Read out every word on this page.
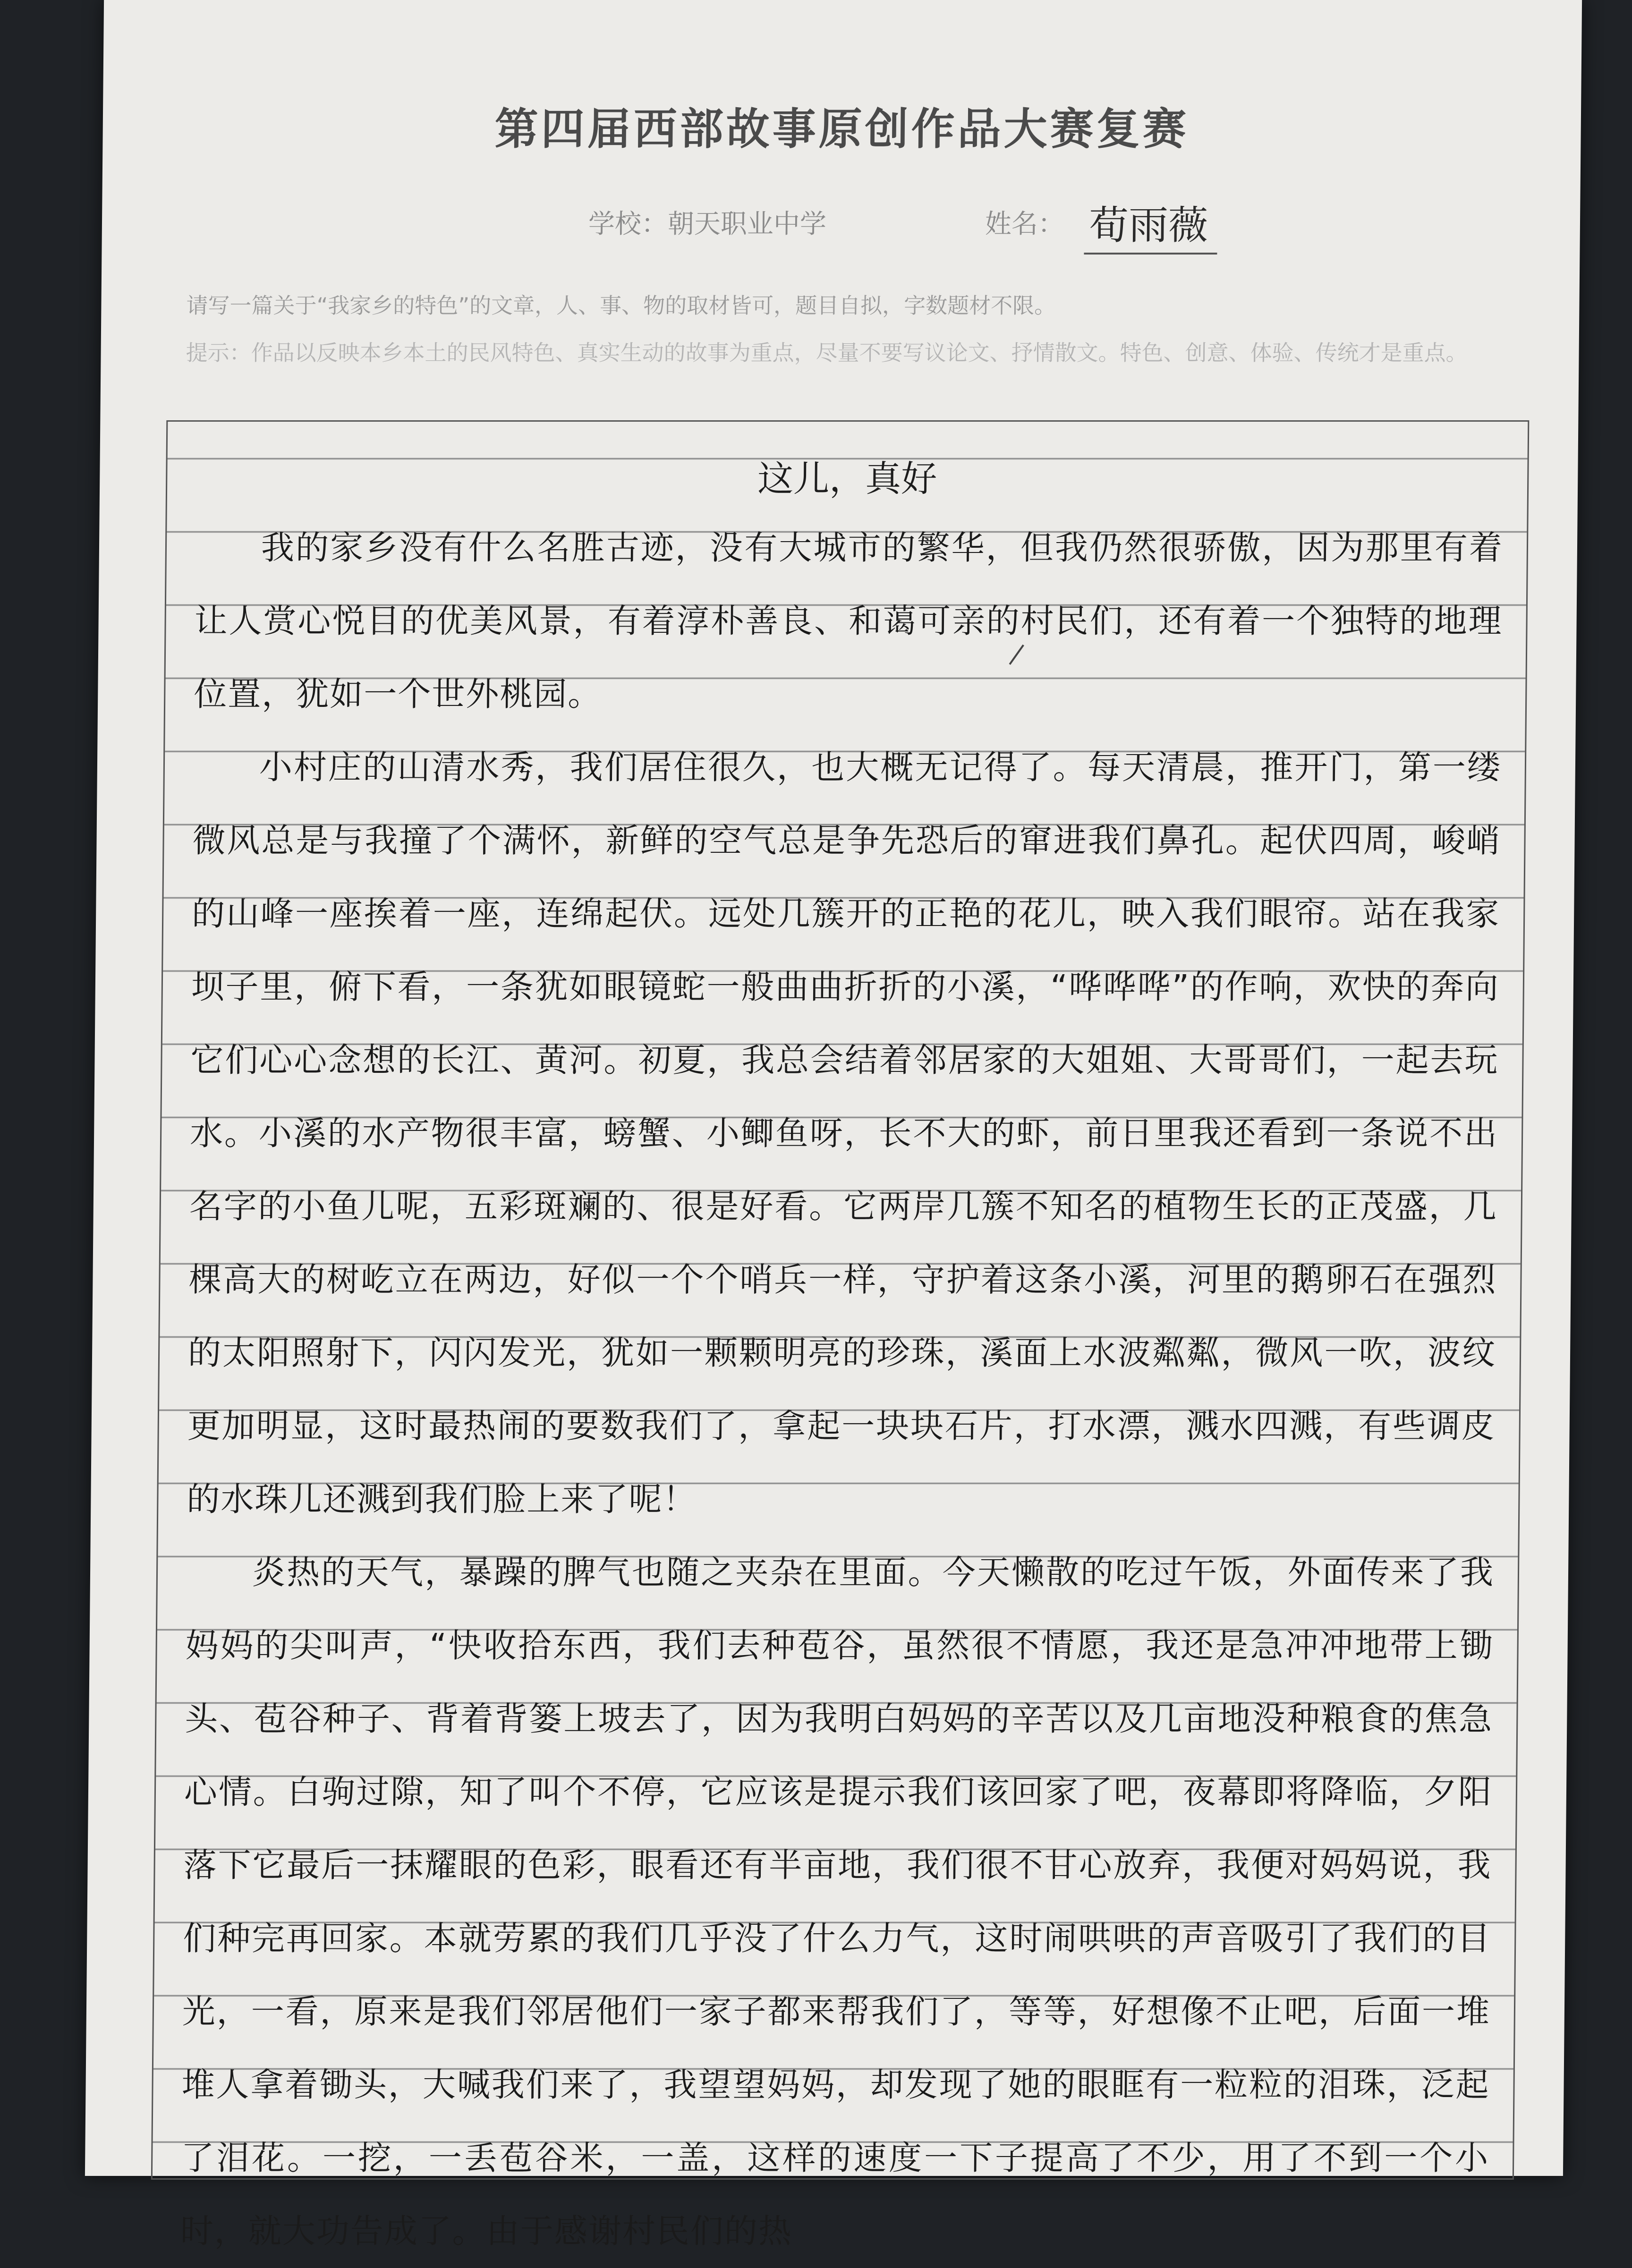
第四届西部故事原创作品大赛复赛
学校：朝天职业中学	姓名： 荀雨薇
请写一篇关于“我家乡的特色”的文章，人、事、物的取材皆可，题目自拟，字数题材不限。
提示：作品以反映本乡本土的民风特色、真实生动的故事为重点，尽量不要写议论文、抒情散文。特色、创意、体验、传统才是重点。
这儿，真好

我的家乡没有什么名胜古迹，没有大城市的繁华，但我仍然很骄傲，因为那里有着让人赏心悦目的优美风景，有着淳朴善良、和蔼可亲的村民们，还有着一个独特的地理位置，犹如一个世外桃园。

小村庄的山清水秀，我们居住很久，也大概无记得了。每天清晨，推开门，第一缕微风总是与我撞了个满怀，新鲜的空气总是争先恐后的窜进我们鼻孔。起伏四周，峻峭的山峰一座挨着一座，连绵起伏。远处几簇开的正艳的花儿，映入我们眼帘。站在我家坝子里，俯下看，一条犹如眼镜蛇一般曲曲折折的小溪，“哗哗哗”的作响，欢快的奔向它们心心念想的长江、黄河。初夏，我总会结着邻居家的大姐姐、大哥哥们，一起去玩水。小溪的水产物很丰富，螃蟹、小鲫鱼呀，长不大的虾，前日里我还看到一条说不出名字的小鱼儿呢，五彩斑斓的、很是好看。它两岸几簇不知名的植物生长的正茂盛，几棵高大的树屹立在两边，好似一个个哨兵一样，守护着这条小溪，河里的鹅卵石在强烈的太阳照射下，闪闪发光，犹如一颗颗明亮的珍珠，溪面上水波粼粼，微风一吹，波纹更加明显，这时最热闹的要数我们了，拿起一块块石片，打水漂，溅水四溅，有些调皮的水珠儿还溅到我们脸上来了呢！

炎热的天气，暴躁的脾气也随之夹杂在里面。今天懒散的吃过午饭，外面传来了我妈妈的尖叫声，“快收拾东西，我们去种苞谷，虽然很不情愿，我还是急冲冲地带上锄头、苞谷种子、背着背篓上坡去了，因为我明白妈妈的辛苦以及几亩地没种粮食的焦急心情。白驹过隙，知了叫个不停，它应该是提示我们该回家了吧，夜幕即将降临，夕阳落下它最后一抹耀眼的色彩，眼看还有半亩地，我们很不甘心放弃，我便对妈妈说，我们种完再回家。本就劳累的我们几乎没了什么力气，这时闹哄哄的声音吸引了我们的目光，一看，原来是我们邻居他们一家子都来帮我们了，等等，好想像不止吧，后面一堆堆人拿着锄头，大喊我们来了，我望望妈妈，却发现了她的眼眶有一粒粒的泪珠，泛起了泪花。一挖，一丢苞谷米，一盖，这样的速度一下子提高了不少，用了不到一个小时，就大功告成了。由于感谢村民们的热
